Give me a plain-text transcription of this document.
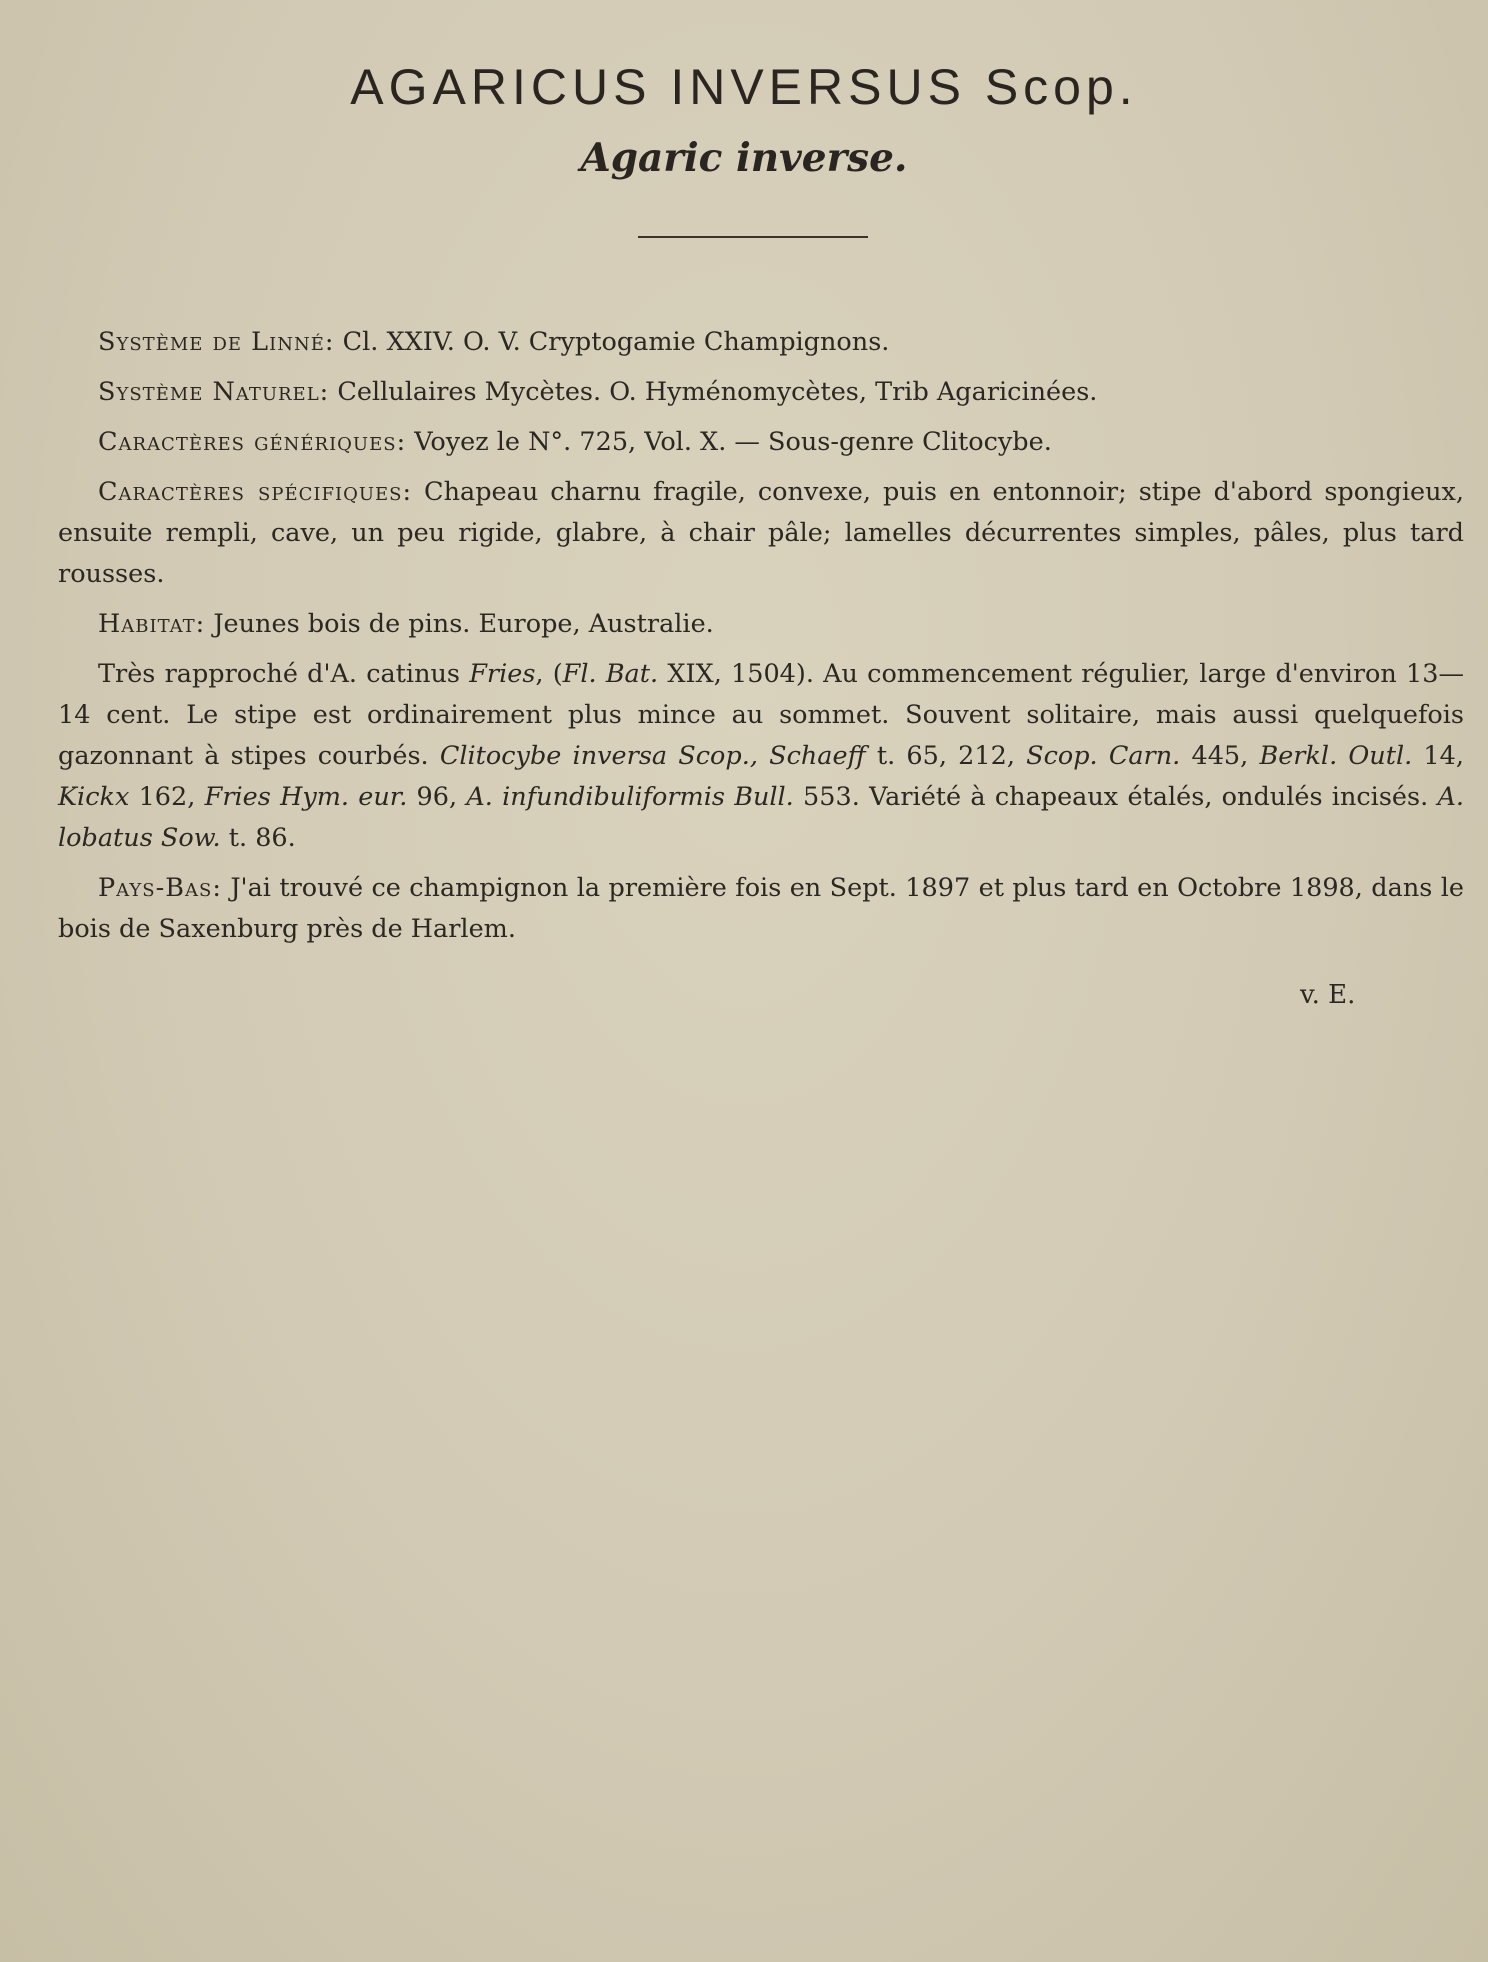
AGARICUS INVERSUS Scop.
Agaric inverse.

Système de Linné: Cl. XXIV. O. V. Cryptogamie Champignons.

Système Naturel: Cellulaires Mycètes. O. Hyménomycètes, Trib Agaricinées.

Caractères génériques: Voyez le N°. 725, Vol. X. — Sous-genre Clitocybe.

Caractères spécifiques: Chapeau charnu fragile, convexe, puis en entonnoir; stipe d'abord spongieux, ensuite rempli, cave, un peu rigide, glabre, à chair pâle; lamelles décurrentes simples, pâles, plus tard rousses.

Habitat: Jeunes bois de pins. Europe, Australie.

Très rapproché d'A. catinus Fries, (Fl. Bat. XIX, 1504). Au commencement régulier, large d'environ 13—14 cent. Le stipe est ordinairement plus mince au sommet. Souvent solitaire, mais aussi quelquefois gazonnant à stipes courbés. Clitocybe inversa Scop., Schaeff t. 65, 212, Scop. Carn. 445, Berkl. Outl. 14, Kickx 162, Fries Hym. eur. 96, A. infundibuliformis Bull. 553. Variété à chapeaux étalés, ondulés incisés. A. lobatus Sow. t. 86.

Pays-Bas: J'ai trouvé ce champignon la première fois en Sept. 1897 et plus tard en Octobre 1898, dans le bois de Saxenburg près de Harlem.

v. E.
